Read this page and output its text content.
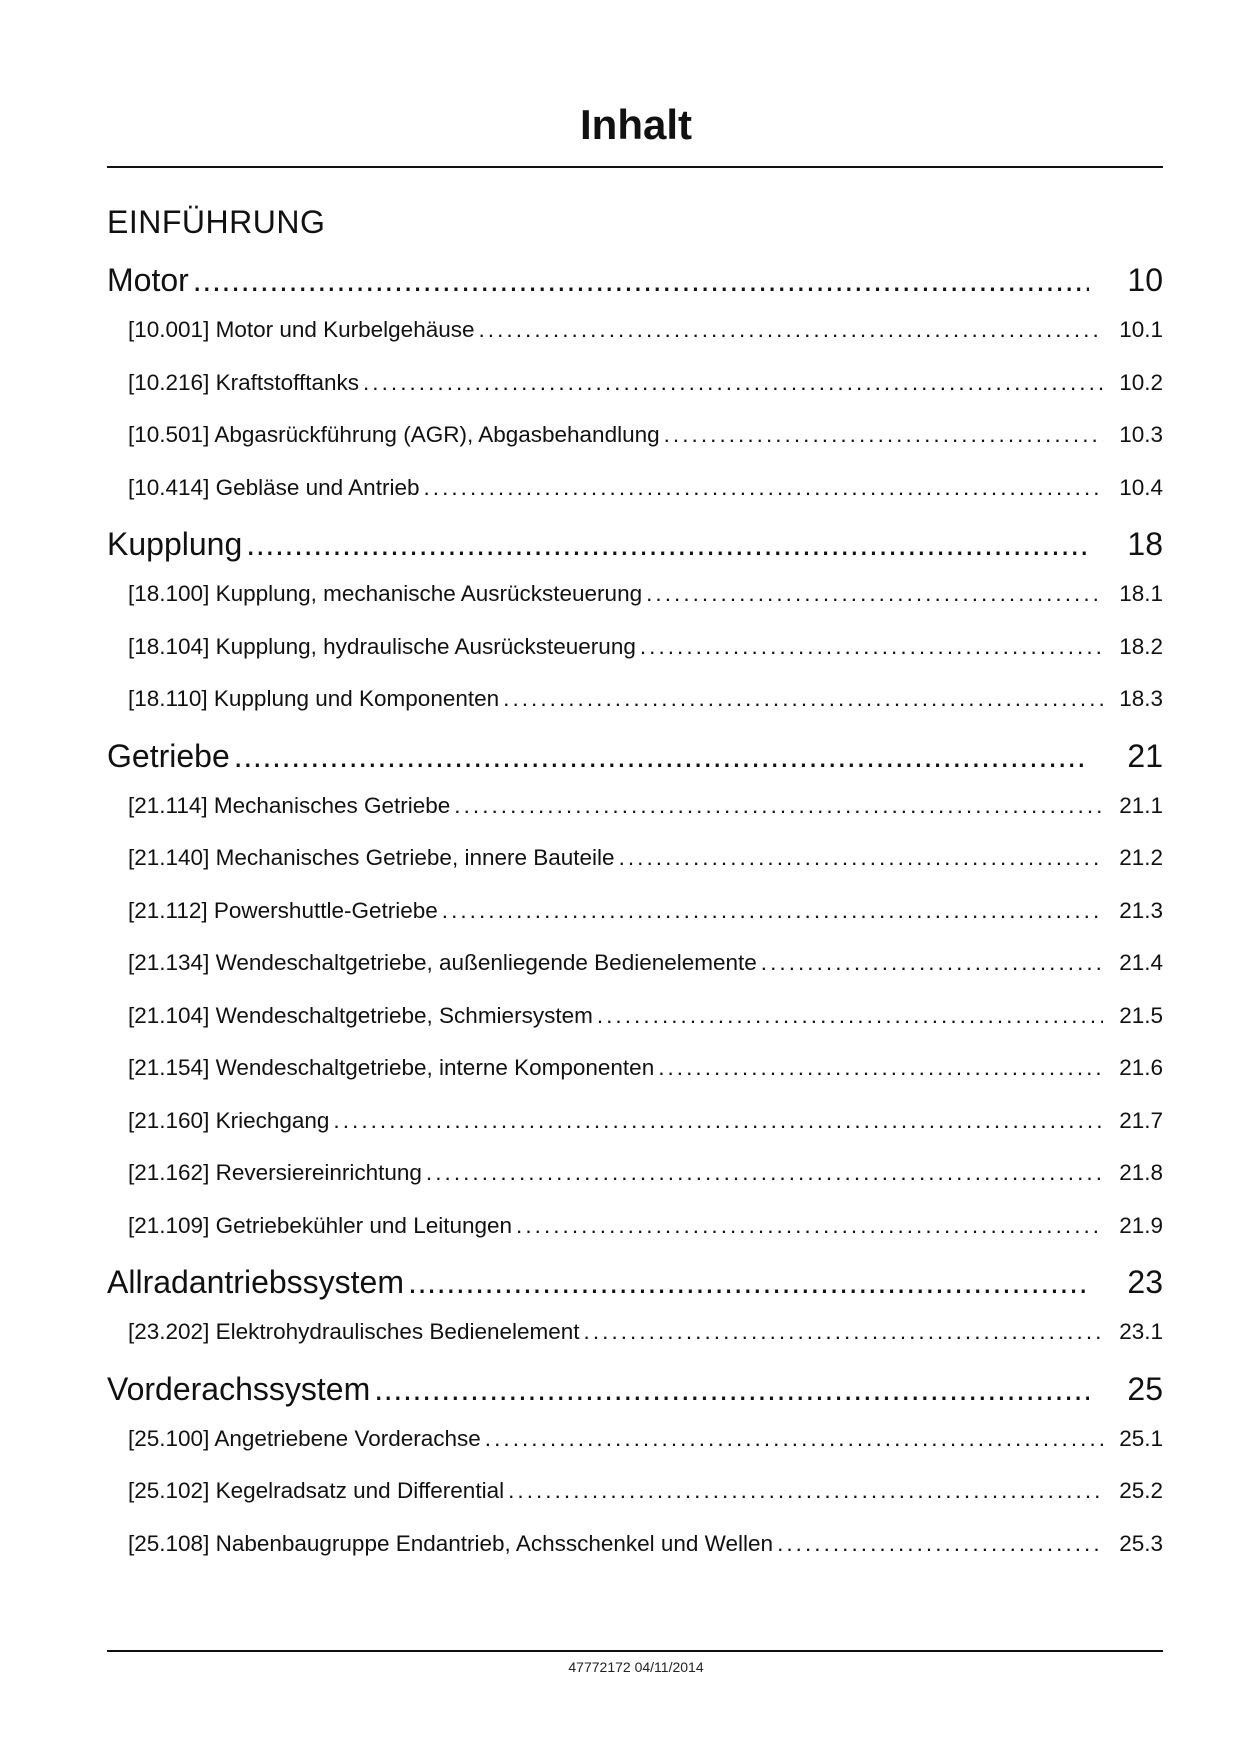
Inhalt
EINFÜHRUNG
Motor . . .	10
[10.001] Motor und Kurbelgehäuse . . .	10.1
[10.216] Kraftstofftanks . . .	10.2
[10.501] Abgasrückführung (AGR), Abgasbehandlung . . .	10.3
[10.414] Gebläse und Antrieb . . .	10.4
Kupplung . . .	18
[18.100] Kupplung, mechanische Ausrücksteuerung . . .	18.1
[18.104] Kupplung, hydraulische Ausrücksteuerung . . .	18.2
[18.110] Kupplung und Komponenten . . .	18.3
Getriebe . . .	21
[21.114] Mechanisches Getriebe . . .	21.1
[21.140] Mechanisches Getriebe, innere Bauteile . . .	21.2
[21.112] Powershuttle-Getriebe . . .	21.3
[21.134] Wendeschaltgetriebe, außenliegende Bedienelemente . . .	21.4
[21.104] Wendeschaltgetriebe, Schmiersystem . . .	21.5
[21.154] Wendeschaltgetriebe, interne Komponenten . . .	21.6
[21.160] Kriechgang . . .	21.7
[21.162] Reversiereinrichtung . . .	21.8
[21.109] Getriebekühler und Leitungen . . .	21.9
Allradantriebssystem . . .	23
[23.202] Elektrohydraulisches Bedienelement . . .	23.1
Vorderachssystem . . .	25
[25.100] Angetriebene Vorderachse . . .	25.1
[25.102] Kegelradsatz und Differential . . .	25.2
[25.108] Nabenbaugruppe Endantrieb, Achsschenkel und Wellen . . .	25.3
47772172 04/11/2014
